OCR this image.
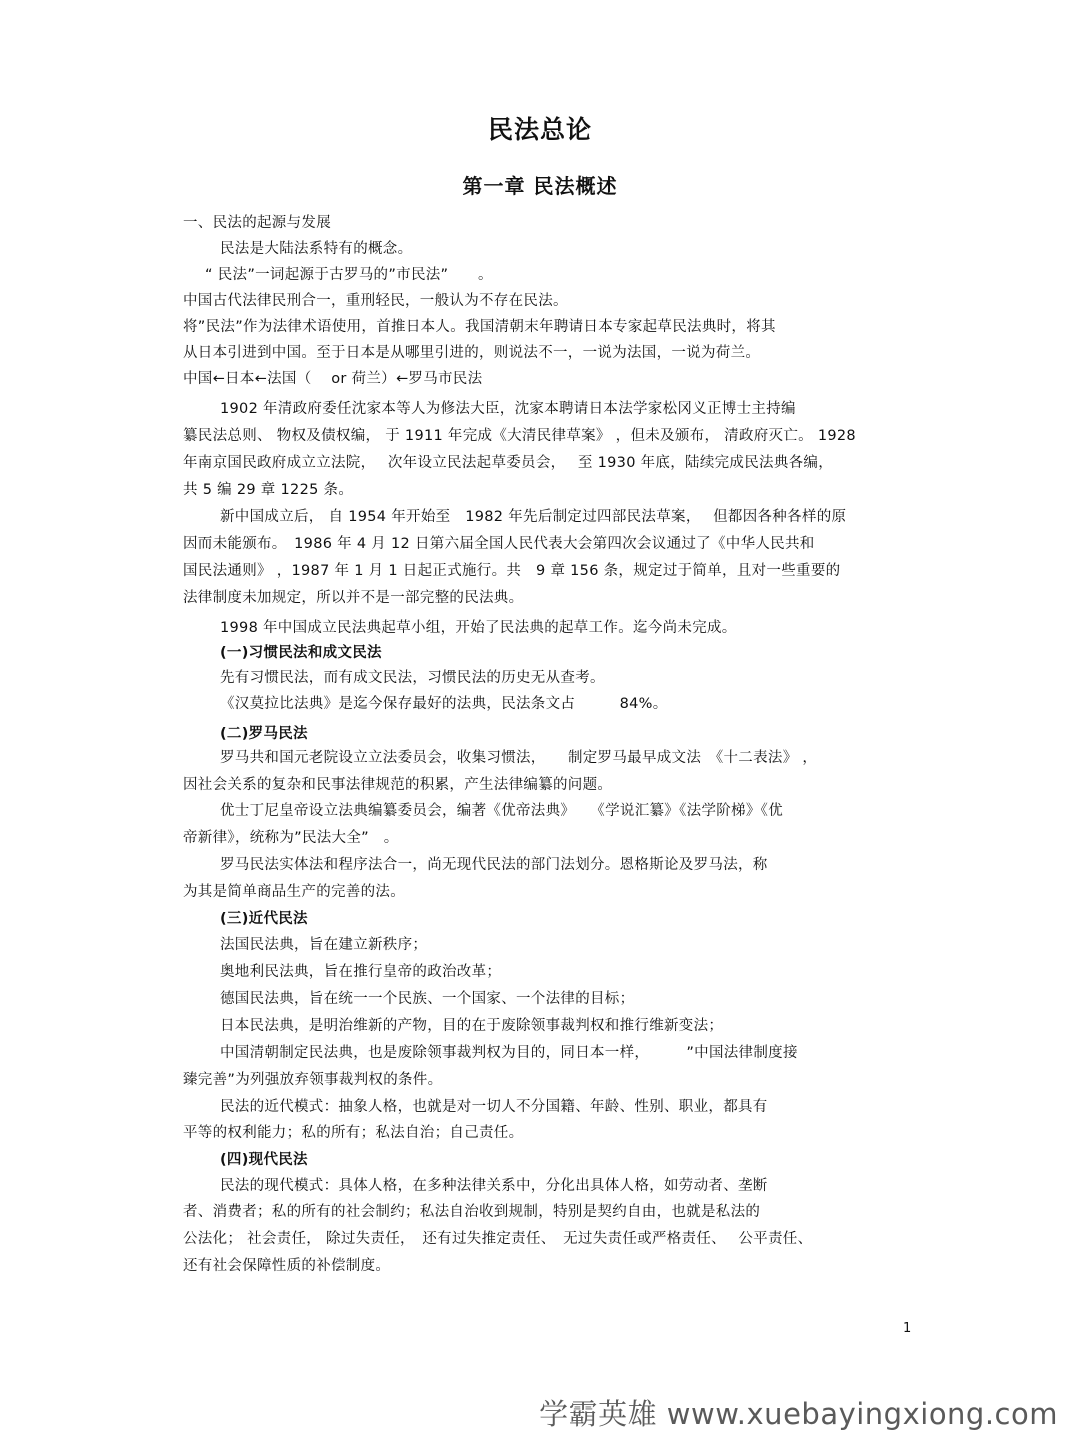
民法总论
第一章 民法概述
一、民法的起源与发展
民法是大陆法系特有的概念。
“ 民法”一词起源于古罗马的”市民法”　　。
中国古代法律民刑合一，重刑轻民，一般认为不存在民法。
将”民法”作为法律术语使用，首推日本人。我国清朝末年聘请日本专家起草民法典时，将其
从日本引进到中国。至于日本是从哪里引进的，则说法不一，一说为法国，一说为荷兰。
中国←日本←法国（　 or 荷兰）←罗马市民法
1902 年清政府委任沈家本等人为修法大臣，沈家本聘请日本法学家松冈义正博士主持编
纂民法总则、 物权及债权编， 于 1911 年完成《大清民律草案》 ，但未及颁布， 清政府灭亡。 1928
年南京国民政府成立立法院，　 次年设立民法起草委员会，　 至 1930 年底，陆续完成民法典各编，
共 5 编 29 章 1225 条。
新中国成立后， 自 1954 年开始至　1982 年先后制定过四部民法草案，　 但都因各种各样的原
因而未能颁布。　1986 年 4 月 12 日第六届全国人民代表大会第四次会议通过了《中华人民共和
国民法通则》 ，1987 年 1 月 1 日起正式施行。共　9 章 156 条，规定过于简单，且对一些重要的
法律制度未加规定，所以并不是一部完整的民法典。
1998 年中国成立民法典起草小组，开始了民法典的起草工作。迄今尚未完成。
(一)习惯民法和成文民法
先有习惯民法，而有成文民法，习惯民法的历史无从查考。
《汉莫拉比法典》是迄今保存最好的法典，民法条文占　　　84%。
(二)罗马民法
罗马共和国元老院设立立法委员会，收集习惯法，　　制定罗马最早成文法　《十二表法》 ，
因社会关系的复杂和民事法律规范的积累，产生法律编纂的问题。
优士丁尼皇帝设立法典编纂委员会，编著《优帝法典》　　《学说汇纂》《法学阶梯》《优
帝新律》，统称为”民法大全”　。
罗马民法实体法和程序法合一，尚无现代民法的部门法划分。恩格斯论及罗马法，称
为其是简单商品生产的完善的法。
(三)近代民法
法国民法典，旨在建立新秩序；
奥地利民法典，旨在推行皇帝的政治改革；
德国民法典，旨在统一一个民族、一个国家、一个法律的目标；
日本民法典，是明治维新的产物，目的在于废除领事裁判权和推行维新变法；
中国清朝制定民法典，也是废除领事裁判权为目的，同日本一样，　　　”中国法律制度接
臻完善”为列强放弃领事裁判权的条件。
民法的近代模式：抽象人格，也就是对一切人不分国籍、年龄、性别、职业，都具有
平等的权利能力；私的所有；私法自治；自己责任。
(四)现代民法
民法的现代模式：具体人格，在多种法律关系中，分化出具体人格，如劳动者、垄断
者、消费者；私的所有的社会制约；私法自治收到规制，特别是契约自由，也就是私法的
公法化； 社会责任， 除过失责任，　还有过失推定责任、　无过失责任或严格责任、　 公平责任、
还有社会保障性质的补偿制度。
1
学霸英雄 www.xuebayingxiong.com
